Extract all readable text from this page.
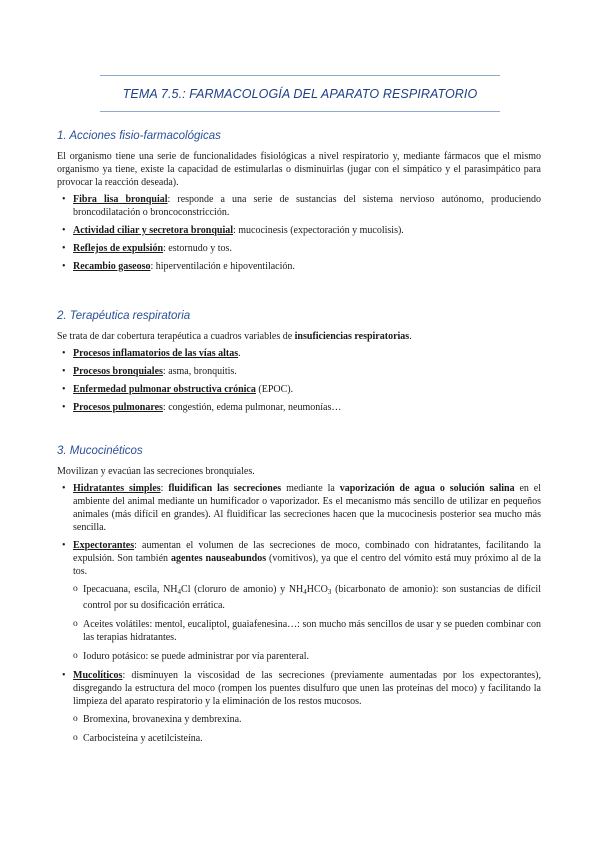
TEMA 7.5.: FARMACOLOGÍA DEL APARATO RESPIRATORIO
1. Acciones fisio-farmacológicas

El organismo tiene una serie de funcionalidades fisiológicas a nivel respiratorio y, mediante fármacos que el mismo organismo ya tiene, existe la capacidad de estimularlas o disminuirlas (jugar con el simpático y el parasimpático para provocar la reacción deseada).

• Fibra lisa bronquial: responde a una serie de sustancias del sistema nervioso autónomo, produciendo broncodilatación o broncoconstricción.
• Actividad ciliar y secretora bronquial: mucocinesis (expectoración y mucolisis).
• Reflejos de expulsión: estornudo y tos.
• Recambio gaseoso: hiperventilación e hipoventilación.
2. Terapéutica respiratoria

Se trata de dar cobertura terapéutica a cuadros variables de insuficiencias respiratorias.

• Procesos inflamatorios de las vías altas.
• Procesos bronquiales: asma, bronquitis.
• Enfermedad pulmonar obstructiva crónica (EPOC).
• Procesos pulmonares: congestión, edema pulmonar, neumonías…
3. Mucocinéticos

Movilizan y evacúan las secreciones bronquiales.

• Hidratantes simples: fluidifican las secreciones mediante la vaporización de agua o solución salina en el ambiente del animal mediante un humificador o vaporizador. Es el mecanismo más sencillo de utilizar en pequeños animales (más difícil en grandes). Al fluidificar las secreciones hacen que la mucocinesis posterior sea mucho más sencilla.
• Expectorantes: aumentan el volumen de las secreciones de moco, combinado con hidratantes, facilitando la expulsión. Son también agentes nauseabundos (vomitivos), ya que el centro del vómito está muy próximo al de la tos.
o Ipecacuana, escila, $NH_4Cl$ (cloruro de amonio) y $NH_4HCO_3$ (bicarbonato de amonio): son sustancias de difícil control por su dosificación errática.
o Aceites volátiles: mentol, eucaliptol, guaiafenesina…: son mucho más sencillos de usar y se pueden combinar con las terapias hidratantes.
o Ioduro potásico: se puede administrar por vía parenteral.
• Mucolíticos: disminuyen la viscosidad de las secreciones (previamente aumentadas por los expectorantes), disgregando la estructura del moco (rompen los puentes disulfuro que unen las proteínas del moco) y facilitando la limpieza del aparato respiratorio y la eliminación de los restos mucosos.
o Bromexina, brovanexina y dembrexina.
o Carbocisteína y acetilcisteína.
